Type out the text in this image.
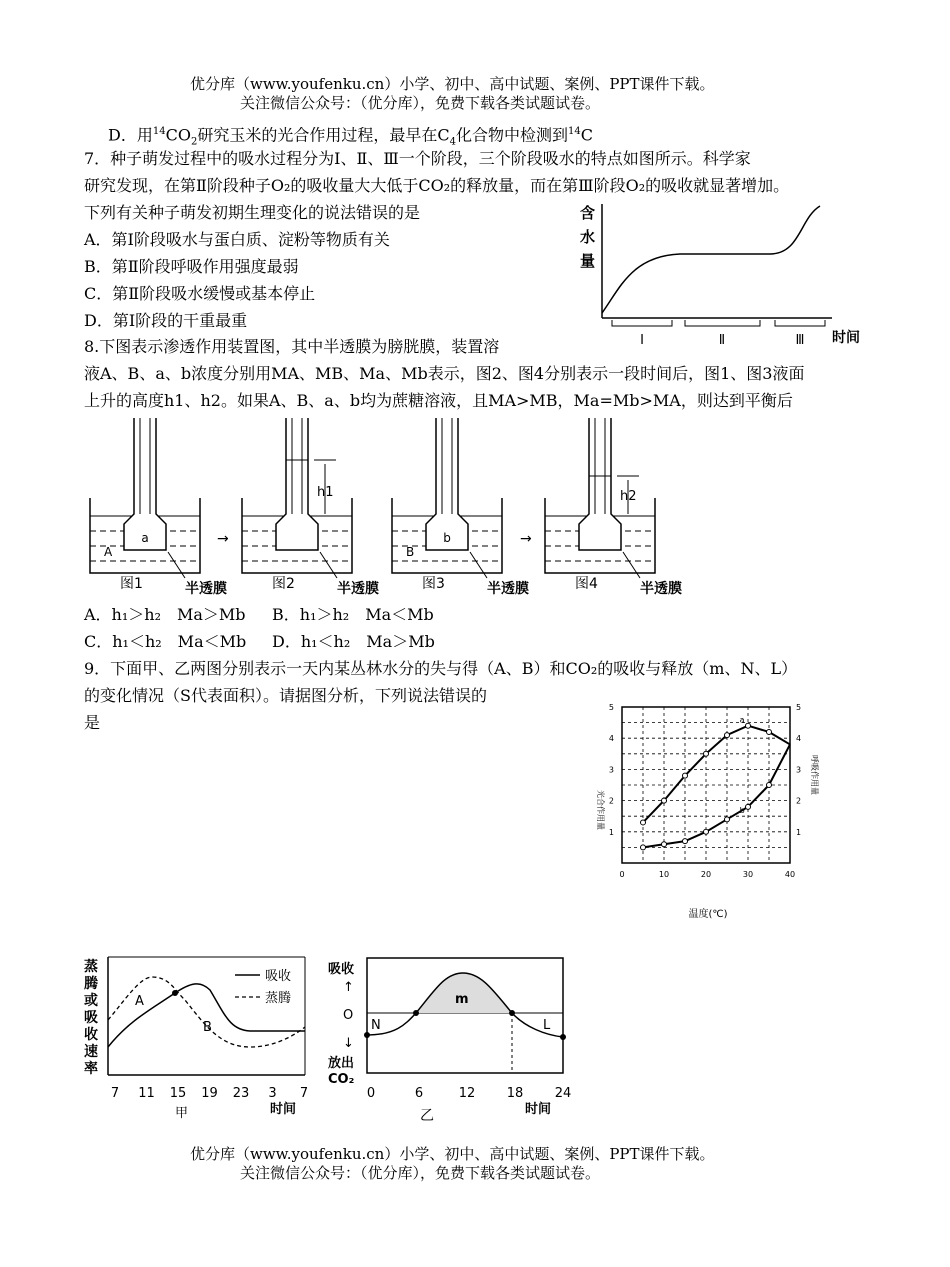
优分库（www.youfenku.cn）小学、初中、高中试题、案例、PPT课件下载。
关注微信公众号：（优分库），免费下载各类试题试卷。
D．用$^{14}CO_2$研究玉米的光合作用过程，最早在$C_4$化合物中检测到$^{14}$C
7．种子萌发过程中的吸水过程分为Ⅰ、Ⅱ、Ⅲ一个阶段，三个阶段吸水的特点如图所示。科学家
研究发现，在第Ⅱ阶段种子O₂的吸收量大大低于CO₂的释放量，而在第Ⅲ阶段O₂的吸收就显著增加。
下列有关种子萌发初期生理变化的说法错误的是
A．第Ⅰ阶段吸水与蛋白质、淀粉等物质有关
B．第Ⅱ阶段呼吸作用强度最弱
C．第Ⅱ阶段吸水缓慢或基本停止
D．第Ⅰ阶段的干重最重
含
水
量
Ⅰ	Ⅱ	Ⅲ 时间
8.下图表示渗透作用装置图，其中半透膜为膀胱膜，装置溶
液A、B、a、b浓度分别用MA、MB、Ma、Mb表示，图2、图4分别表示一段时间后，图1、图3液面
上升的高度h1、h2。如果A、B、a、b均为蔗糖溶液，且MA>MB，Ma=Mb>MA，则达到平衡后
a
A
图1	半透膜
→
h1
图2	半透膜
b
B
图3	半透膜
→
h2
图4	半透膜
A．h₁＞h₂　Ma＞Mb B．h₁＞h₂　Ma＜Mb
C．h₁＜h₂　Ma＜Mb D．h₁＜h₂　Ma＞Mb
9．下面甲、乙两图分别表示一天内某丛林水分的失与得（A、B）和CO₂的吸收与释放（m、N、L）
的变化情况（S代表面积）。请据图分析，下列说法错误的
是
0	10	20	30	40
1	1
2	2
3	3
4	4
5	5
a
b
光合作用量
呼吸作用量
温度(℃)
蒸
腾
或
吸
收
速
率
吸收
蒸腾
A
B
7 11 15 19 23 3 7
甲	时间
吸收
↑
O
↓
放出
CO₂
m
N	L
0	6	12 18 24
乙	时间
优分库（www.youfenku.cn）小学、初中、高中试题、案例、PPT课件下载。
关注微信公众号：（优分库），免费下载各类试题试卷。
